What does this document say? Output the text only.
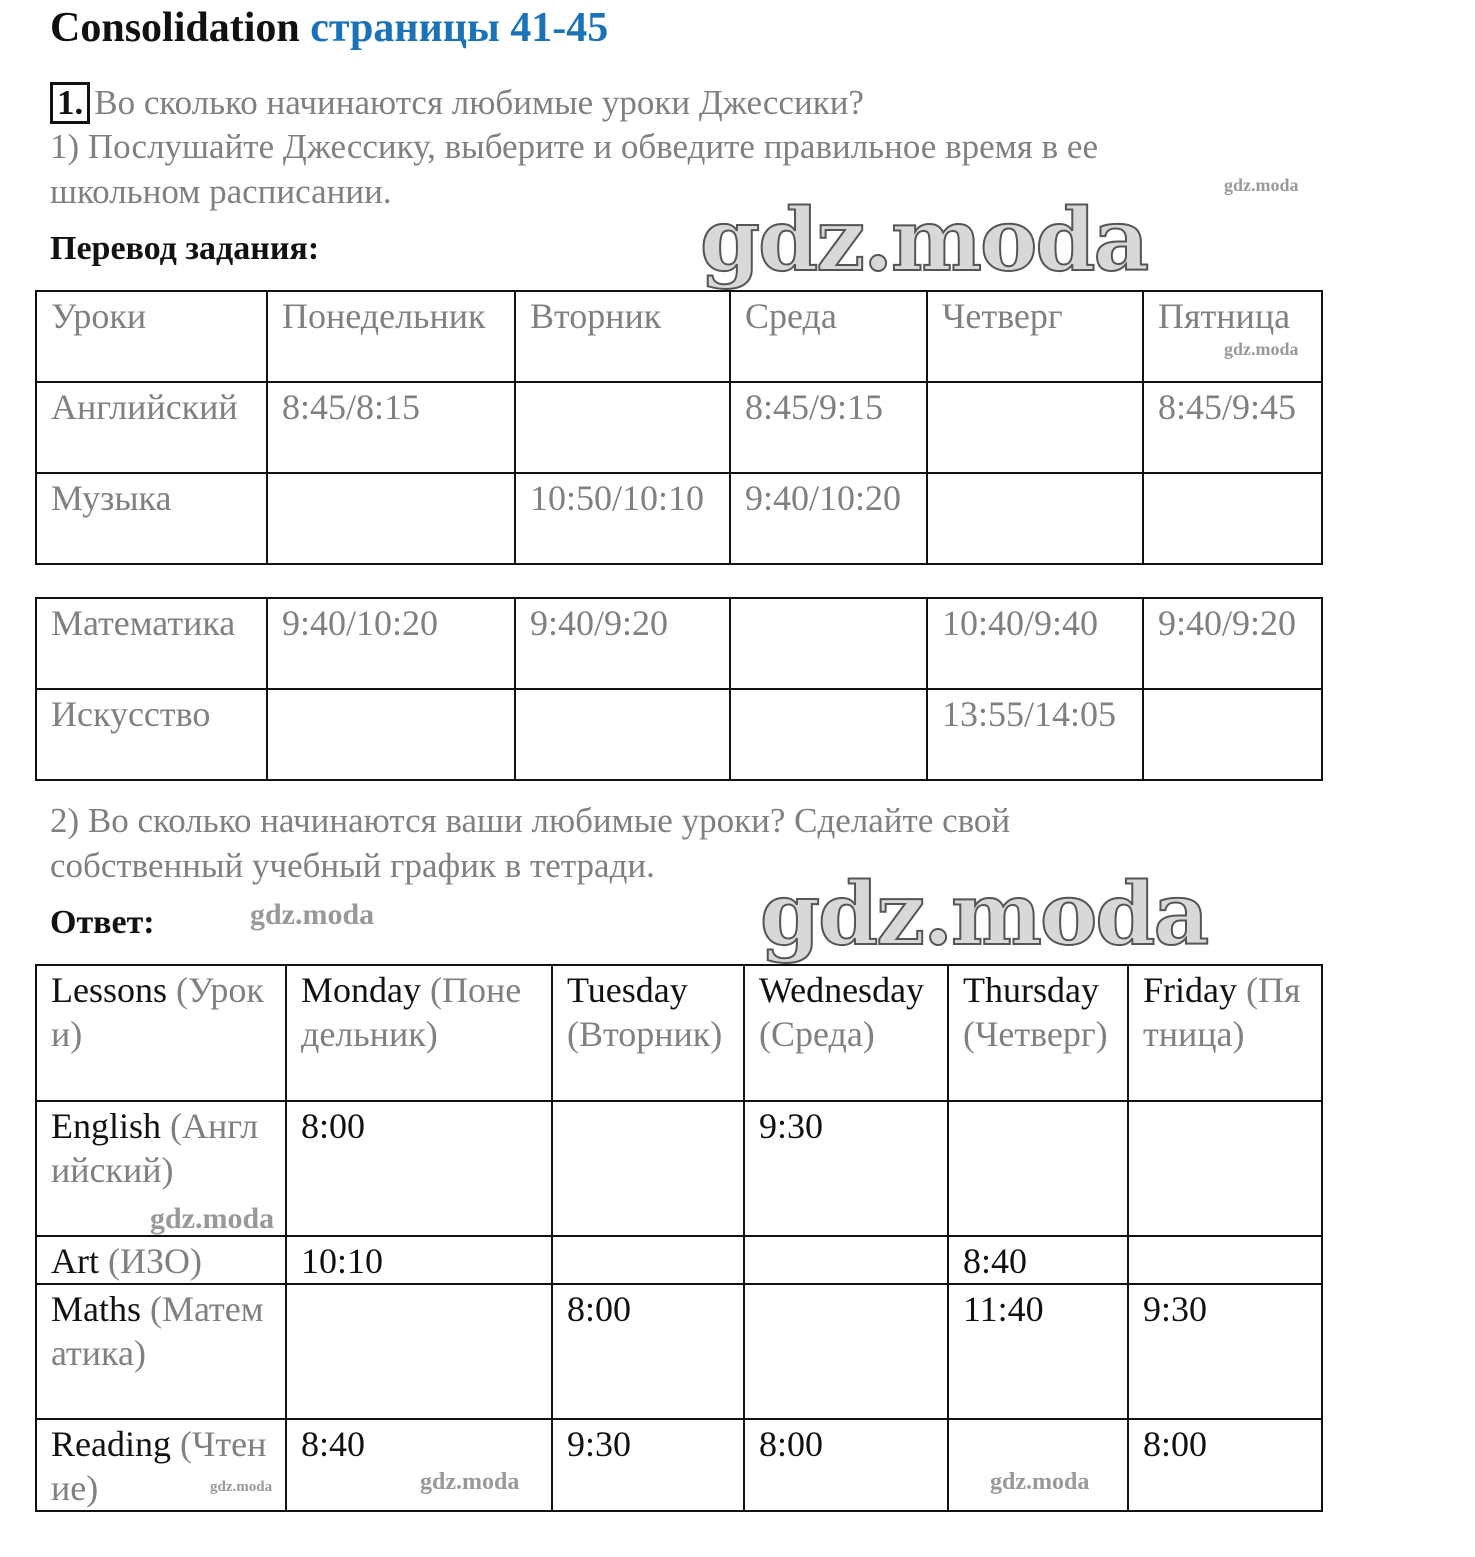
Consolidation страницы 41-45
1. Во сколько начинаются любимые уроки Джессики?
1) Послушайте Джессику, выберите и обведите правильное время в ее школьном расписании.
Перевод задания:
Уроки	Понедельник	Вторник	Среда	Четверг	Пятница
Английский	8:45/8:15		8:45/9:15		8:45/9:45
Музыка		10:50/10:10	9:40/10:20		
Математика	9:40/10:20	9:40/9:20		10:40/9:40	9:40/9:20
Искусство				13:55/14:05	
2) Во сколько начинаются ваши любимые уроки? Сделайте свой собственный учебный график в тетради.
Ответ:
Lessons (Уроки)	Monday (Понедельник)	Tuesday (Вторник)	Wednesday (Среда)	Thursday (Четверг)	Friday (Пятница)
English (Английский)	8:00		9:30		
Art (ИЗО)	10:10			8:40	
Maths (Математика)		8:00		11:40	9:30
Reading (Чтение)	8:40	9:30	8:00		8:00
gdz.moda
gdz.moda
gdz.moda
gdz.moda
gdz.moda
gdz.moda
gdz.moda	gdz.moda	gdz.moda
